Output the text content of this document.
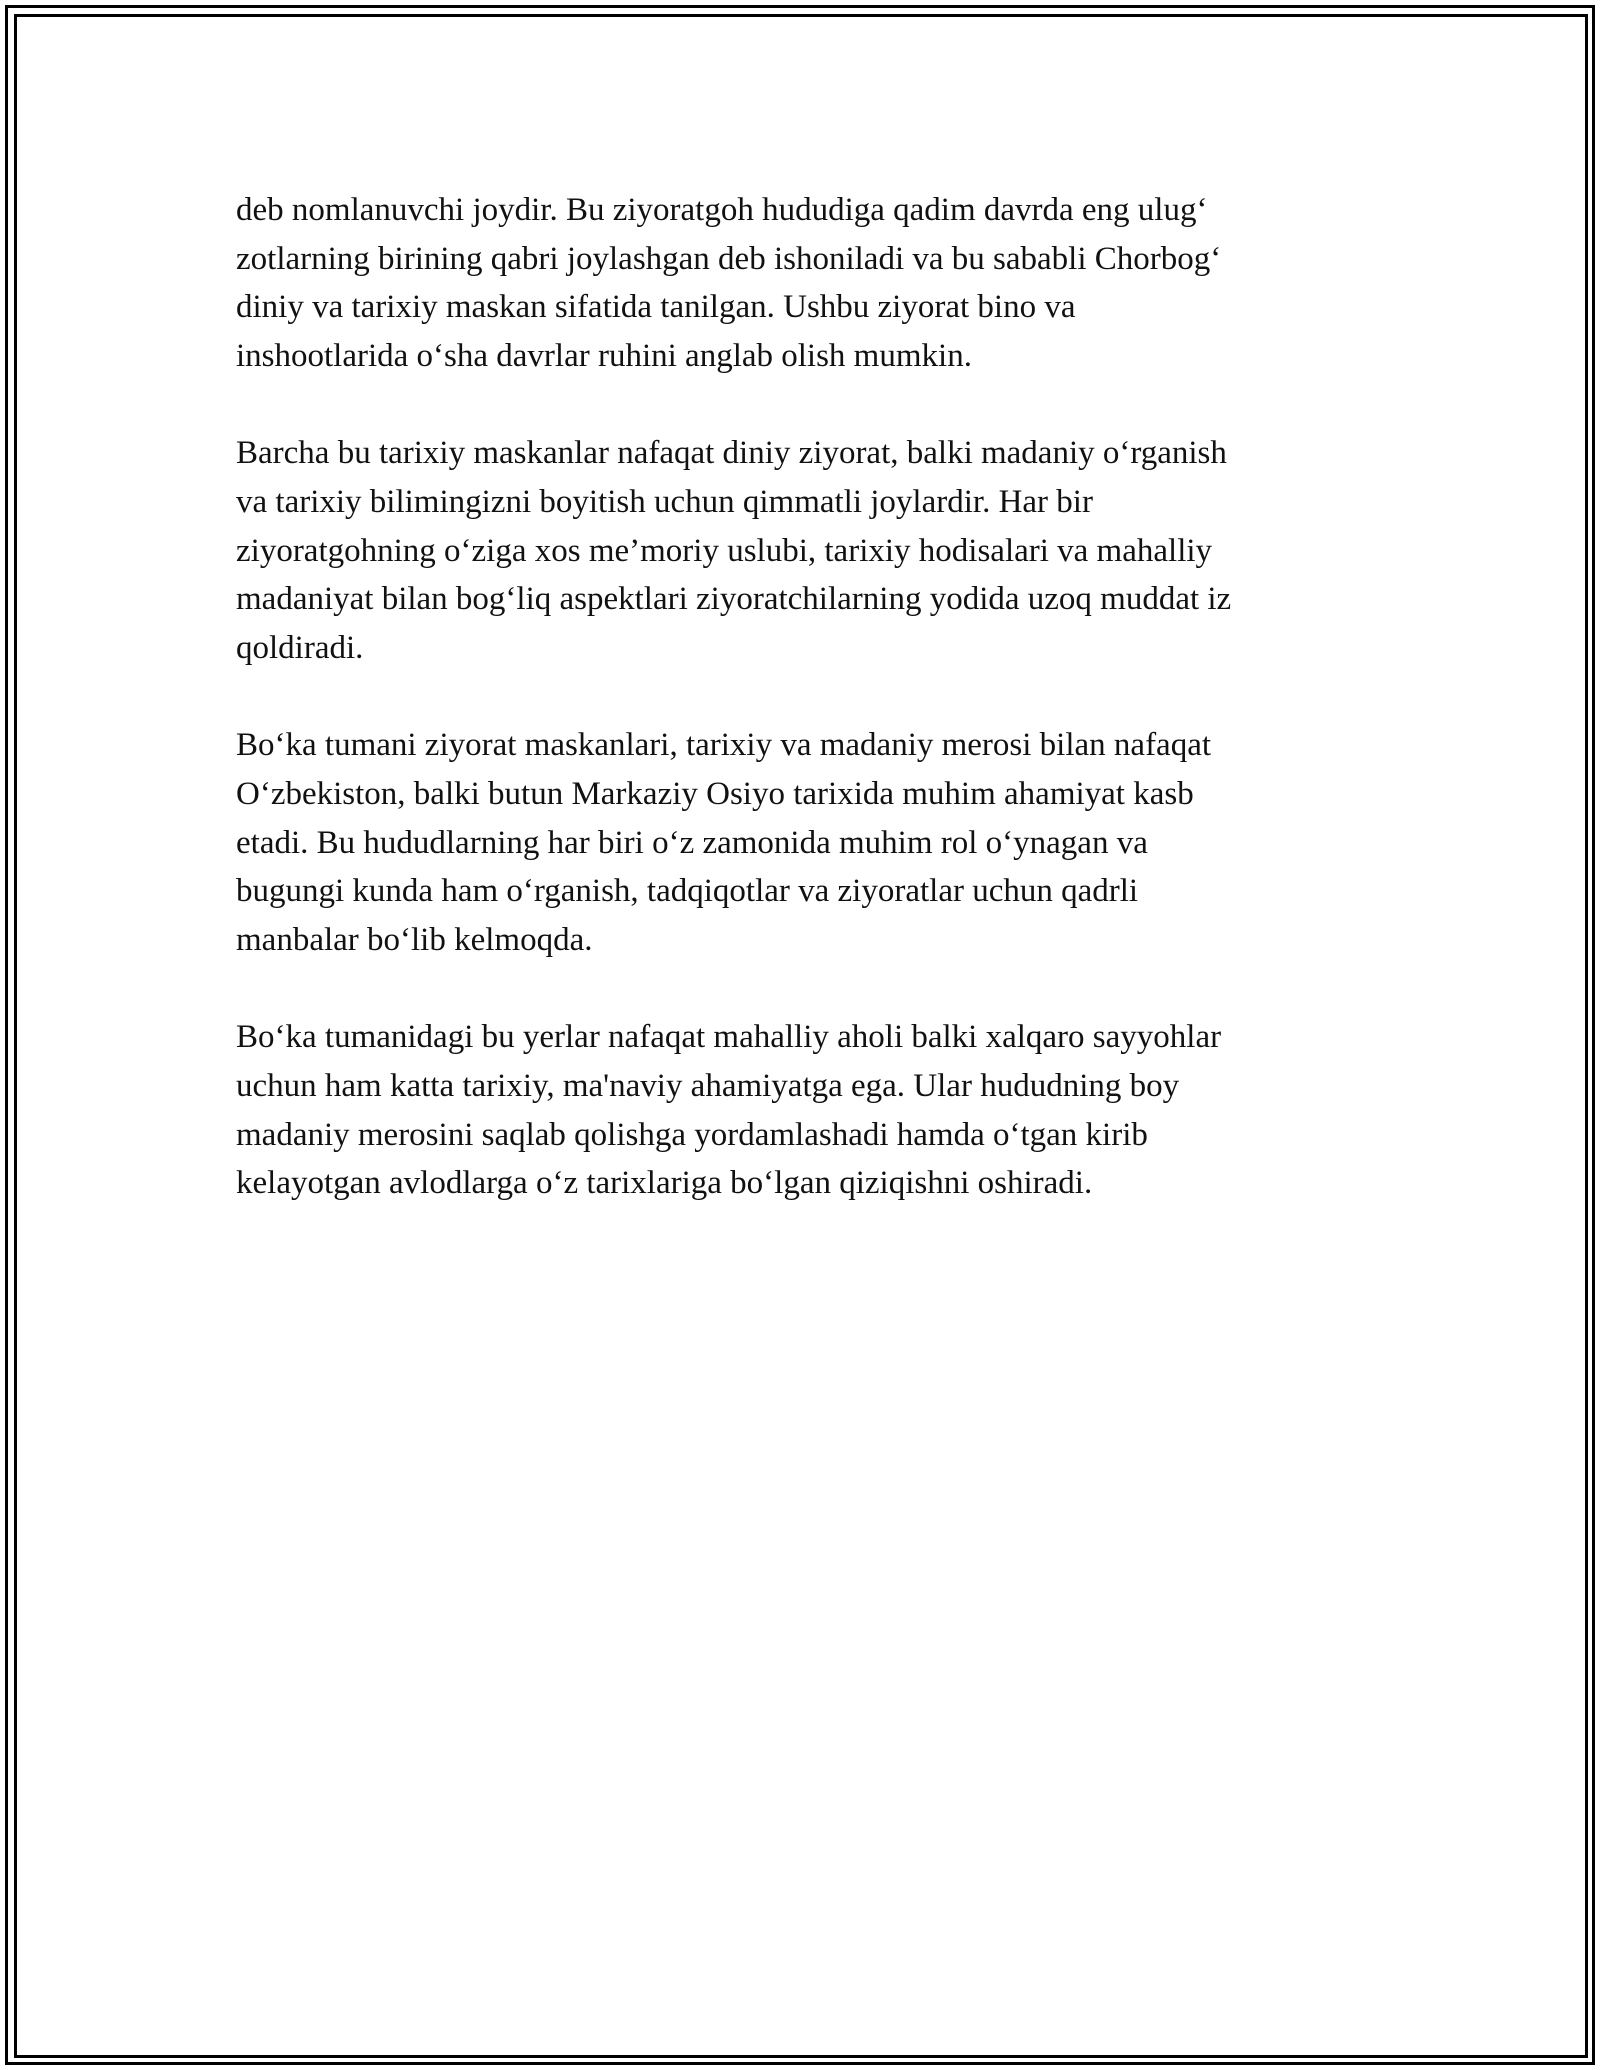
deb nomlanuvchi joydir. Bu ziyoratgoh hududiga qadim davrda eng ulug‘
zotlarning birining qabri joylashgan deb ishoniladi va bu sababli Chorbog‘
diniy va tarixiy maskan sifatida tanilgan. Ushbu ziyorat bino va
inshootlarida o‘sha davrlar ruhini anglab olish mumkin.

Barcha bu tarixiy maskanlar nafaqat diniy ziyorat, balki madaniy o‘rganish
va tarixiy bilimingizni boyitish uchun qimmatli joylardir. Har bir
ziyoratgohning o‘ziga xos me’moriy uslubi, tarixiy hodisalari va mahalliy
madaniyat bilan bog‘liq aspektlari ziyoratchilarning yodida uzoq muddat iz
qoldiradi.

Bo‘ka tumani ziyorat maskanlari, tarixiy va madaniy merosi bilan nafaqat
O‘zbekiston, balki butun Markaziy Osiyo tarixida muhim ahamiyat kasb
etadi. Bu hududlarning har biri o‘z zamonida muhim rol o‘ynagan va
bugungi kunda ham o‘rganish, tadqiqotlar va ziyoratlar uchun qadrli
manbalar bo‘lib kelmoqda.

Bo‘ka tumanidagi bu yerlar nafaqat mahalliy aholi balki xalqaro sayyohlar
uchun ham katta tarixiy, ma'naviy ahamiyatga ega. Ular hududning boy
madaniy merosini saqlab qolishga yordamlashadi hamda o‘tgan kirib
kelayotgan avlodlarga o‘z tarixlariga bo‘lgan qiziqishni oshiradi.
